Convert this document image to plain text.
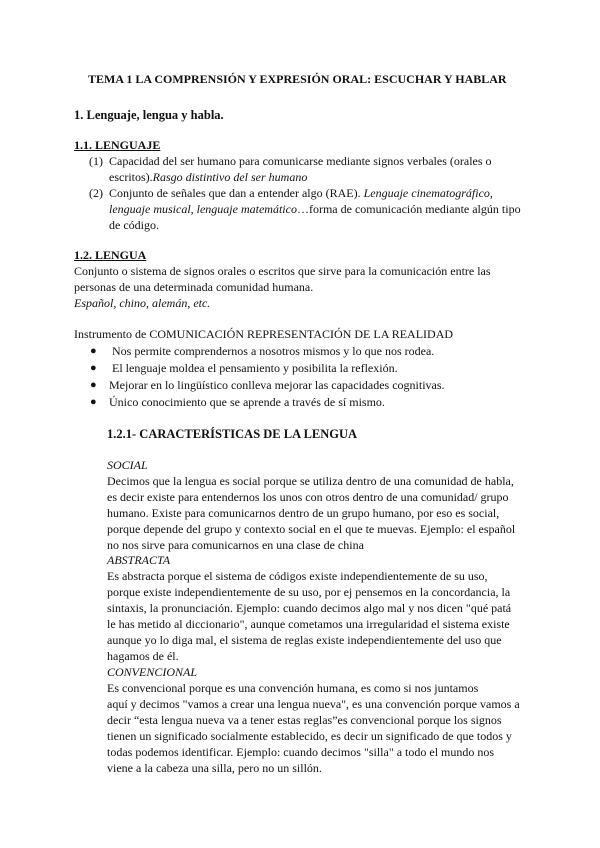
TEMA 1 LA COMPRENSIÓN Y EXPRESIÓN ORAL: ESCUCHAR Y HABLAR
1. Lenguaje, lengua y habla.
1.1. LENGUAJE
(1) Capacidad del ser humano para comunicarse mediante signos verbales (orales o
escritos).Rasgo distintivo del ser humano
(2) Conjunto de señales que dan a entender algo (RAE). Lenguaje cinematográfico,
lenguaje musical, lenguaje matemático…forma de comunicación mediante algún tipo
de código.
1.2. LENGUA
Conjunto o sistema de signos orales o escritos que sirve para la comunicación entre las
personas de una determinada comunidad humana.
Español, chino, alemán, etc.
Instrumento de COMUNICACIÓN REPRESENTACIÓN DE LA REALIDAD
● Nos permite comprendernos a nosotros mismos y lo que nos rodea.
● El lenguaje moldea el pensamiento y posibilita la reflexión.
● Mejorar en lo lingüístico conlleva mejorar las capacidades cognitivas.
● Único conocimiento que se aprende a través de sí mismo.
1.2.1- CARACTERÍSTICAS DE LA LENGUA
SOCIAL
Decimos que la lengua es social porque se utiliza dentro de una comunidad de habla,
es decir existe para entendernos los unos con otros dentro de una comunidad/ grupo
humano. Existe para comunicarnos dentro de un grupo humano, por eso es social,
porque depende del grupo y contexto social en el que te muevas. Ejemplo: el español
no nos sirve para comunicarnos en una clase de china
ABSTRACTA
Es abstracta porque el sistema de códigos existe independientemente de su uso,
porque existe independientemente de su uso, por ej pensemos en la concordancia, la
sintaxis, la pronunciación. Ejemplo: cuando decimos algo mal y nos dicen "qué patá
le has metido al diccionario", aunque cometamos una irregularidad el sistema existe
aunque yo lo diga mal, el sistema de reglas existe independientemente del uso que
hagamos de él.
CONVENCIONAL
Es convencional porque es una convención humana, es como si nos juntamos
aquí y decimos "vamos a crear una lengua nueva", es una convención porque vamos a
decir “esta lengua nueva va a tener estas reglas”es convencional porque los signos
tienen un significado socialmente establecido, es decir un significado de que todos y
todas podemos identificar. Ejemplo: cuando decimos "silla" a todo el mundo nos
viene a la cabeza una silla, pero no un sillón.
